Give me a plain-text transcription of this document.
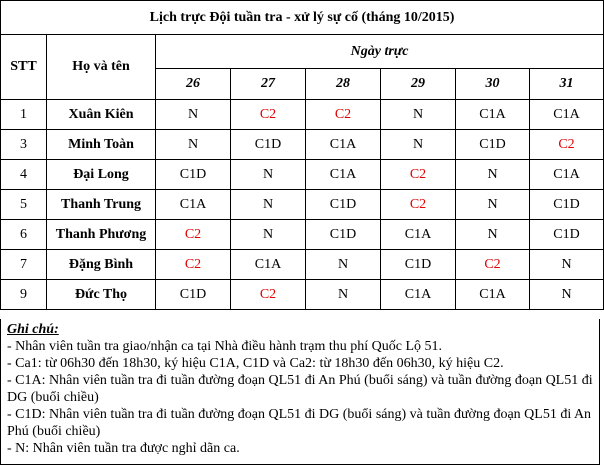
Lịch trực Đội tuần tra - xử lý sự cố (tháng 10/2015)							
STT	Họ và tên	Ngày trực					
		26	27	28	29	30	31
1	Xuân Kiên	N	C2	C2	N	C1A	C1A
3	Minh Toàn	N	C1D	C1A	N	C1D	C2
4	Đại Long	C1D	N	C1A	C2	N	C1A
5	Thanh Trung	C1A	N	C1D	C2	N	C1D
6	Thanh Phương	C2	N	C1D	C1A	N	C1D
7	Đặng Bình	C2	C1A	N	C1D	C2	N
9	Đức Thọ	C1D	C2	N	C1A	C1A	N
Ghi chú:
- Nhân viên tuần tra giao/nhận ca tại Nhà điều hành trạm thu phí Quốc Lộ 51.
- Ca1: từ 06h30 đến 18h30, ký hiệu C1A, C1D và Ca2: từ 18h30 đến 06h30, ký hiệu C2.
- C1A: Nhân viên tuần tra đi tuần đường đoạn QL51 đi An Phú (buổi sáng) và tuần đường đoạn QL51 đi DG (buổi chiều)
- C1D: Nhân viên tuần tra đi tuần đường đoạn QL51 đi DG (buổi sáng) và tuần đường đoạn QL51 đi An Phú (buổi chiều)
- N: Nhân viên tuần tra được nghỉ dãn ca.
